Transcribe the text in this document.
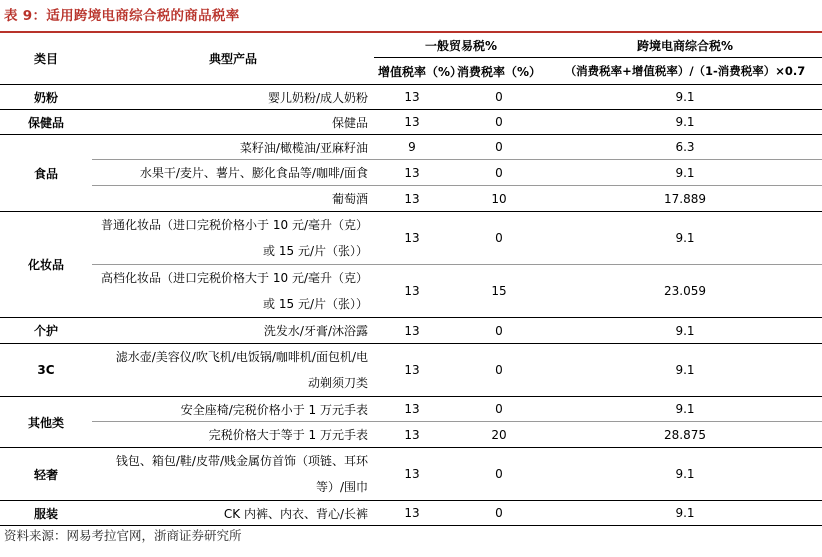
表 9：适用跨境电商综合税的商品税率
类目	典型产品	一般贸易税%		跨境电商综合税%
		增值税率（%）	消费税率（%）	（消费税率+增值税率）/（1-消费税率）×0.7
奶粉	婴儿奶粉/成人奶粉	13	0	9.1
保健品	保健品	13	0	9.1
食品	菜籽油/橄榄油/亚麻籽油	9	0	6.3
	水果干/麦片、薯片、膨化食品等/咖啡/面食	13	0	9.1
	葡萄酒	13	10	17.889
化妆品	普通化妆品（进口完税价格小于 10 元/毫升（克）
或 15 元/片（张））	13	0	9.1

	高档化妆品（进口完税价格大于 10 元/毫升（克）
或 15 元/片（张））	13	15	23.059
个护	洗发水/牙膏/沐浴露	13	0	9.1
3C	滤水壶/美容仪/吹飞机/电饭锅/咖啡机/面包机/电
动剃须刀类	13	0	9.1
其他类	安全座椅/完税价格小于 1 万元手表	13	0	9.1
	完税价格大于等于 1 万元手表	13	20	28.875
轻奢	钱包、箱包/鞋/皮带/贱金属仿首饰（项链、耳环
等）/围巾	13	0	9.1
服装	CK 内裤、内衣、背心/长裤	13	0	9.1
资料来源：网易考拉官网，浙商证券研究所
